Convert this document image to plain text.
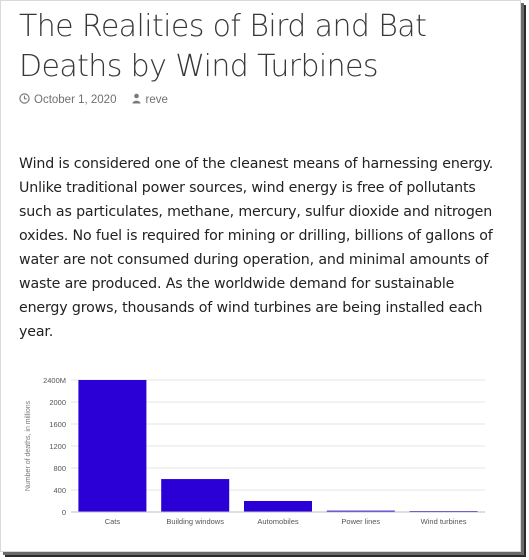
The Realities of Bird and Bat Deaths by Wind Turbines
October 1, 2020	reve

Wind is considered one of the cleanest means of harnessing energy. Unlike traditional power sources, wind energy is free of pollutants such as particulates, methane, mercury, sulfur dioxide and nitrogen oxides. No fuel is required for mining or drilling, billions of gallons of water are not consumed during operation, and minimal amounts of waste are produced. As the worldwide demand for sustainable energy grows, thousands of wind turbines are being installed each year.

0
400
800
1200
1600
2000
2400M
Number of deaths, in millions
Cats	Building windows	Automobiles	Power lines	Wind turbines
